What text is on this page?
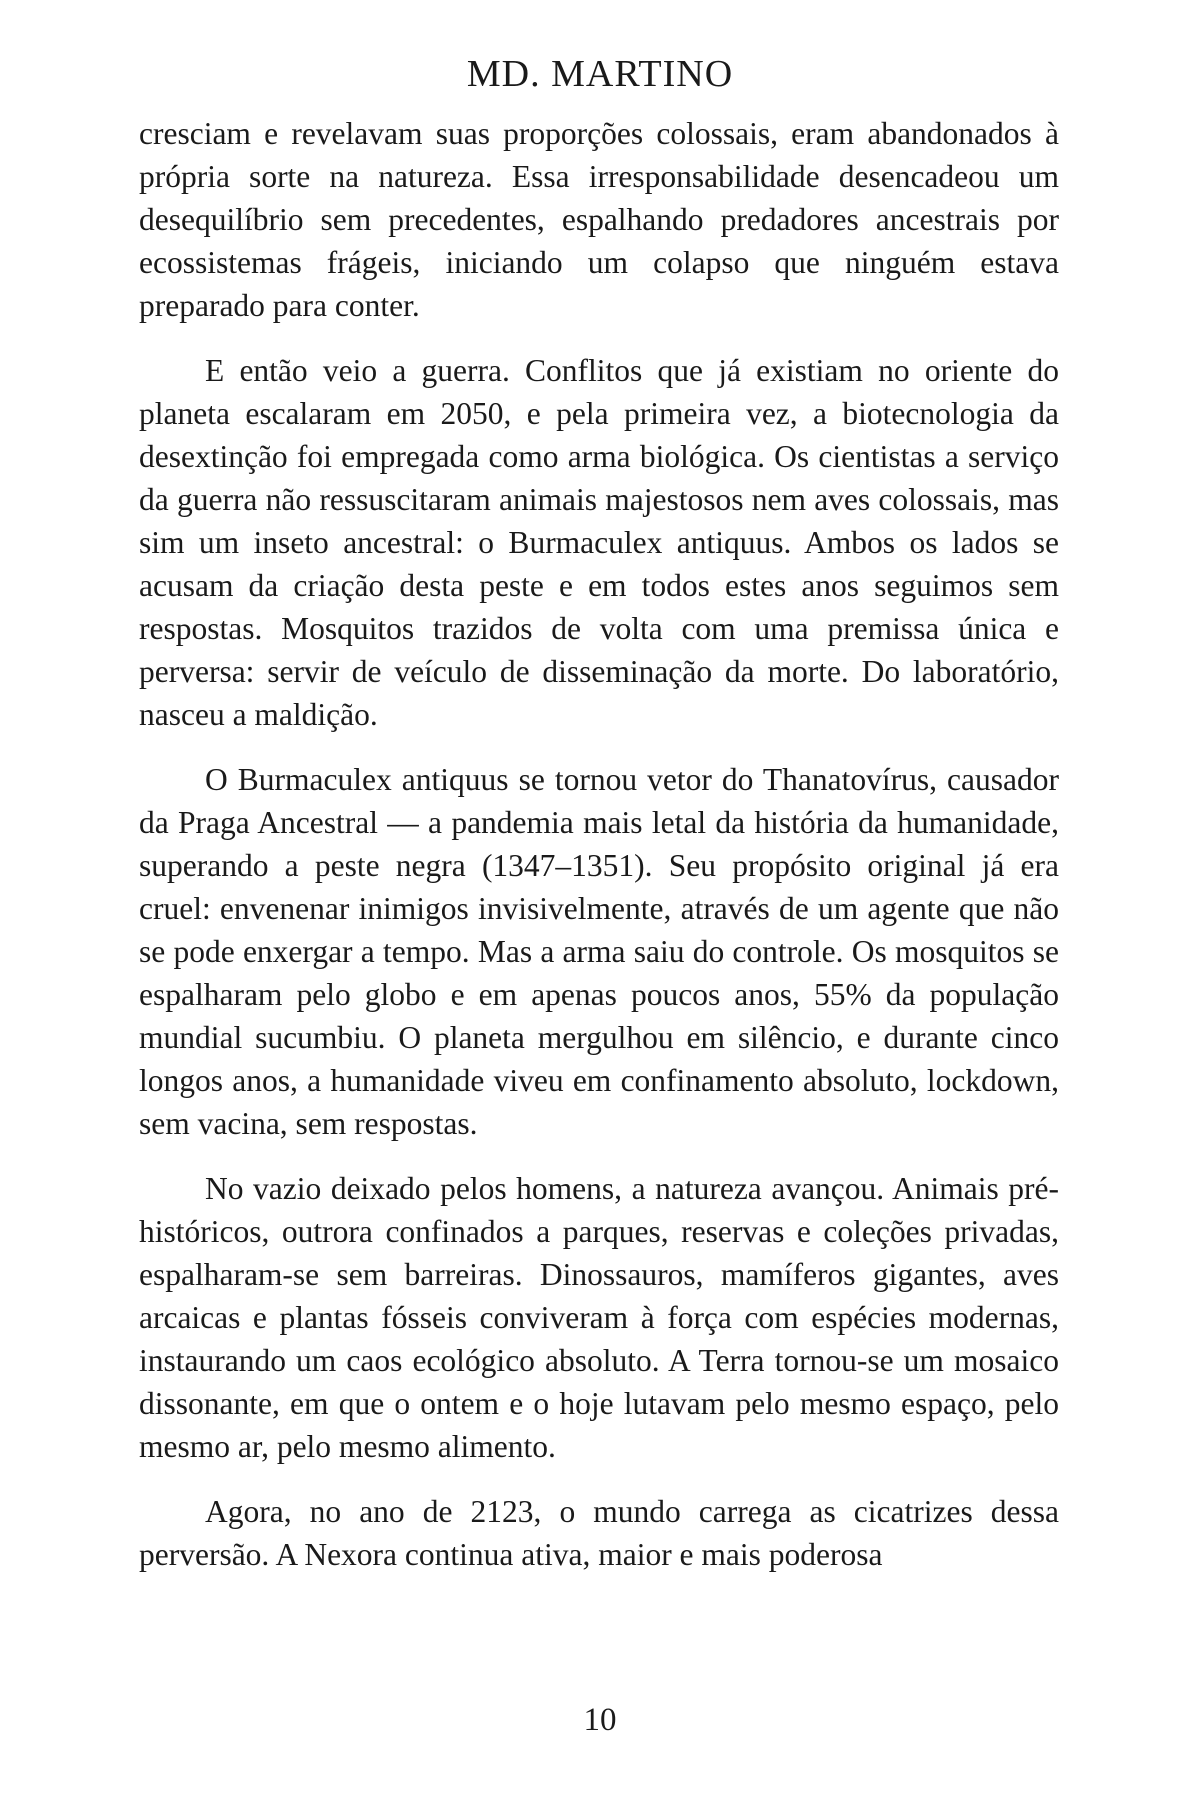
MD. MARTINO

cresciam e revelavam suas proporções colossais, eram abandonados à própria sorte na natureza. Essa irresponsabilidade desencadeou um desequilíbrio sem precedentes, espalhando predadores ancestrais por ecossistemas frágeis, iniciando um colapso que ninguém estava preparado para conter.

E então veio a guerra. Conflitos que já existiam no oriente do planeta escalaram em 2050, e pela primeira vez, a biotecnologia da desextinção foi empregada como arma biológica. Os cientistas a serviço da guerra não ressuscitaram animais majestosos nem aves colossais, mas sim um inseto ancestral: o Burmaculex antiquus. Ambos os lados se acusam da criação desta peste e em todos estes anos seguimos sem respostas. Mosquitos trazidos de volta com uma premissa única e perversa: servir de veículo de disseminação da morte. Do laboratório, nasceu a maldição.

O Burmaculex antiquus se tornou vetor do Thanatovírus, causador da Praga Ancestral — a pandemia mais letal da história da humanidade, superando a peste negra (1347–1351). Seu propósito original já era cruel: envenenar inimigos invisivelmente, através de um agente que não se pode enxergar a tempo. Mas a arma saiu do controle. Os mosquitos se espalharam pelo globo e em apenas poucos anos, 55% da população mundial sucumbiu. O planeta mergulhou em silêncio, e durante cinco longos anos, a humanidade viveu em confinamento absoluto, lockdown, sem vacina, sem respostas.

No vazio deixado pelos homens, a natureza avançou. Animais pré-históricos, outrora confinados a parques, reservas e coleções privadas, espalharam-se sem barreiras. Dinossauros, mamíferos gigantes, aves arcaicas e plantas fósseis conviveram à força com espécies modernas, instaurando um caos ecológico absoluto. A Terra tornou-se um mosaico dissonante, em que o ontem e o hoje lutavam pelo mesmo espaço, pelo mesmo ar, pelo mesmo alimento.

Agora, no ano de 2123, o mundo carrega as cicatrizes dessa perversão. A Nexora continua ativa, maior e mais poderosa

10
